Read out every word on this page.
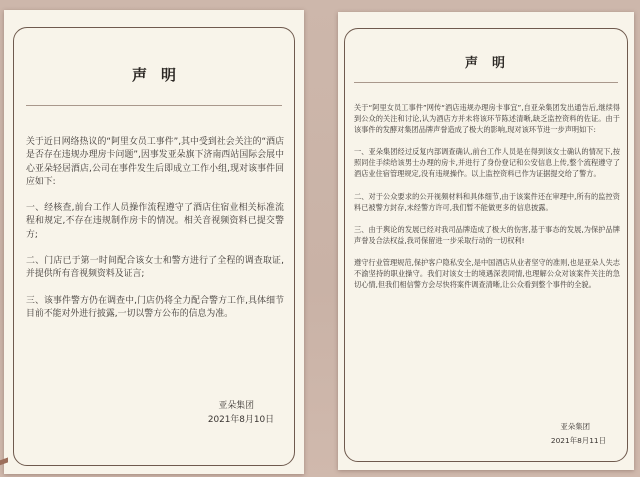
声明

关于近日网络热议的“阿里女员工事件”,其中受到社会关注的“酒店是否存在违规办理房卡问题”,因事发亚朵旗下济南西站国际会展中心亚朵轻居酒店,公司在事件发生后即成立工作小组,现对该事件回应如下:

一、经核查,前台工作人员操作流程遵守了酒店住宿业相关标准流程和规定,不存在违规制作房卡的情况。相关音视频资料已提交警方;

二、门店已于第一时间配合该女士和警方进行了全程的调查取证,并提供所有音视频资料及证言;

三、该事件警方仍在调查中,门店仍将全力配合警方工作,具体细节目前不能对外进行披露,一切以警方公布的信息为准。

亚朵集团
2021年8月10日
声明

关于“阿里女员工事件”网传“酒店违规办理房卡事宜”,自亚朵集团发出通告后,继续得到公众的关注和讨论,认为酒店方并未将该环节陈述清晰,缺乏监控资料的佐证。由于该事件的发酵对集团品牌声誉造成了极大的影响,现对该环节进一步声明如下:

一、亚朵集团经过反复内部调查确认,前台工作人员是在得到该女士确认的情况下,按照同住手续给该男士办理的房卡,并进行了身份登记和公安信息上传,整个流程遵守了酒店业住宿管理规定,没有违规操作。以上监控资料已作为证据提交给了警方。

二、对于公众要求的公开视频材料和具体细节,由于该案件还在审理中,所有的监控资料已被警方封存,未经警方许可,我们暂不能做更多的信息披露。

三、由于舆论的发展已经对我司品牌造成了极大的伤害,基于事态的发展,为保护品牌声誉及合法权益,我司保留进一步采取行动的一切权利!

遵守行业管理规范,保护客户隐私安全,是中国酒店从业者坚守的准则,也是亚朵人失志不渝坚持的职业操守。我们对该女士的境遇深表同情,也理解公众对该案件关注的急切心情,但我们相信警方会尽快将案件调查清晰,让公众看到整个事件的全貌。

亚朵集团
2021年8月11日
